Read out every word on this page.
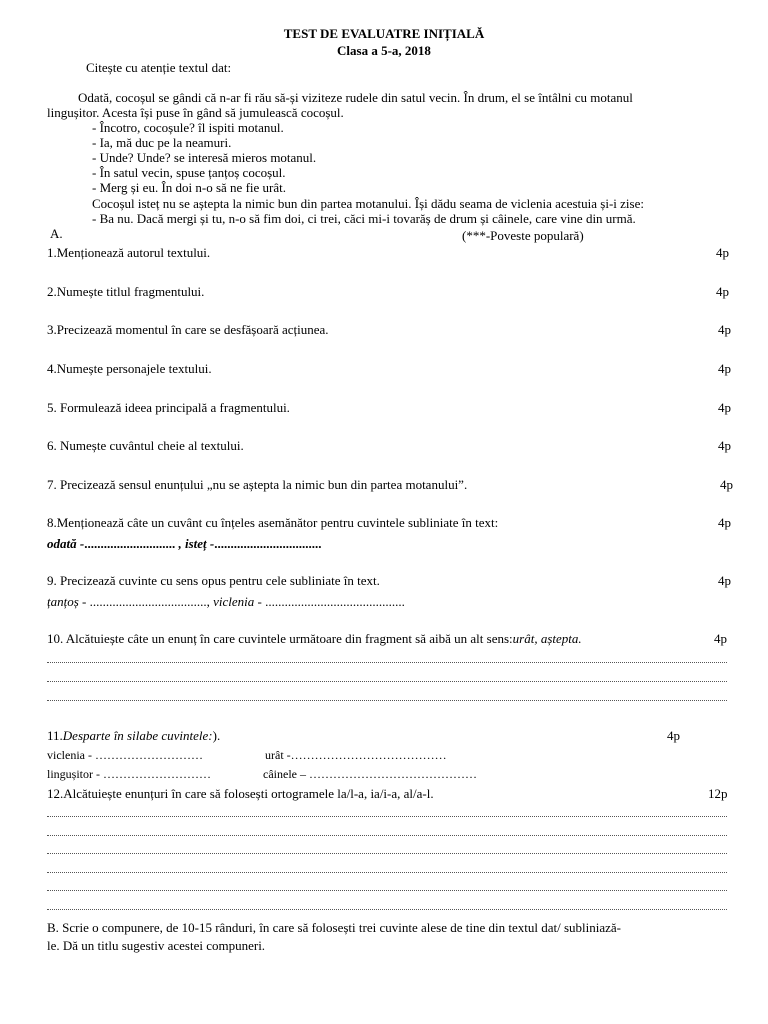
TEST DE EVALUATRE INIȚIALĂ
Clasa a 5-a, 2018
Citește cu atenție textul dat:
Odată, cocoșul se gândi că n-ar fi rău să-și viziteze rudele din satul vecin. În drum, el se întâlni cu motanul
lingușitor. Acesta își puse în gând să jumulească cocoșul.
- Încotro, cocoșule? îl ispiti motanul.
- Ia, mă duc pe la neamuri.
- Unde? Unde? se interesă mieros motanul.
- În satul vecin, spuse țanțoș cocoșul.
- Merg și eu. În doi n-o să ne fie urât.
Cocoșul isteț nu se aștepta la nimic bun din partea motanului. Își dădu seama de viclenia acestuia și-i zise:
- Ba nu. Dacă mergi și tu, n-o să fim doi, ci trei, căci mi-i tovarăș de drum și câinele, care vine din urmă.
A.	(***-Poveste populară)
1.Menționează autorul textului.	4p
2.Numește titlul fragmentului.	4p
3.Precizează momentul în care se desfășoară acțiunea.	4p
4.Numește personajele textului.	4p
5. Formulează ideea principală a fragmentului.	4p
6. Numește cuvântul cheie al textului.	4p
7. Precizează sensul enunțului „nu se aștepta la nimic bun din partea motanului”.	4p
8.Menționează câte un cuvânt cu înțeles asemănător pentru cuvintele subliniate în text:	4p
odată -............................ , isteț -.................................
9. Precizează cuvinte cu sens opus pentru cele subliniate în text.	4p
țanțoș - ...................................., viclenia - ...........................................
10. Alcătuiește câte un enunț în care cuvintele următoare din fragment să aibă un alt sens:urât, aștepta.	4p
11.Desparte în silabe cuvintele:).	4p
viclenia - ………………………	urât -…………………………………
lingușitor - ………………………	câinele – ……………………………………
12.Alcătuiește enunțuri în care să folosești ortogramele la/l-a, ia/i-a, al/a-l.	12p
B. Scrie o compunere, de 10-15 rânduri, în care să folosești trei cuvinte alese de tine din textul dat/ subliniază-
le. Dă un titlu sugestiv acestei compuneri.
